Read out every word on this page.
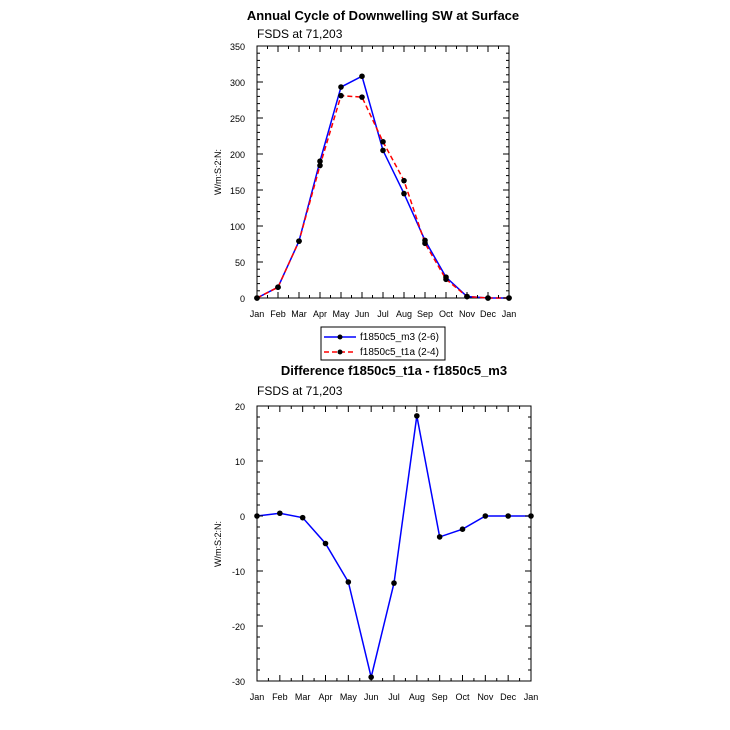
Annual Cycle of Downwelling SW at Surface
FSDS at 71,203
W/m:S:2:N:
Jan Feb Mar Apr May Jun Jul Aug Sep Oct Nov Dec Jan
0
50
100
150
200
250
300
350
f1850c5_m3 (2-6)
f1850c5_t1a (2-4)
Difference f1850c5_t1a - f1850c5_m3
FSDS at 71,203
W/m:S:2:N:
Jan Feb Mar Apr May Jun Jul Aug Sep Oct Nov Dec Jan
-30
-20
-10
0
10
20
